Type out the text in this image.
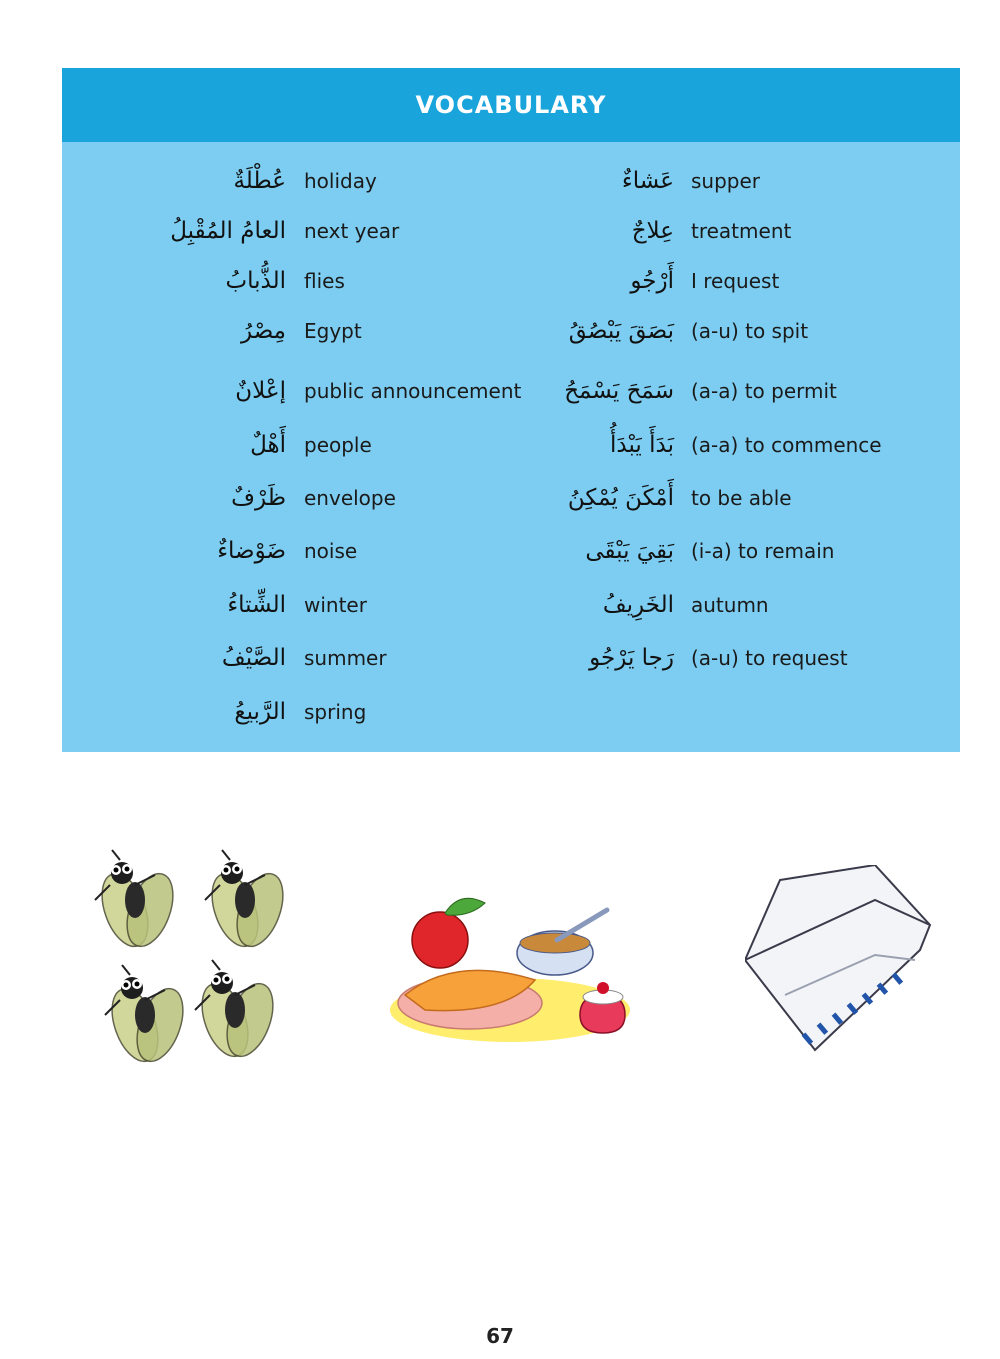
VOCABULARY
عُطْلَةٌ holiday
العامُ المُقْبِلُ next year
الذُّبابُ flies
مِصْرُ Egypt
إعْلانٌ public announcement
أَهْلٌ people
ظَرْفٌ envelope
ضَوْضاءٌ noise
الشِّتاءُ winter
الصَّيْفُ summer
الرَّبيعُ spring
عَشاءٌ supper
عِلاجٌ treatment
أَرْجُو I request
بَصَقَ يَبْصُقُ (a-u) to spit
سَمَحَ يَسْمَحُ (a-a) to permit
بَدَأَ يَبْدَأُ (a-a) to commence
أَمْكَنَ يُمْكِنُ to be able
بَقِيَ يَبْقَى (i-a) to remain
الخَرِيفُ autumn
رَجا يَرْجُو (a-u) to request
67
